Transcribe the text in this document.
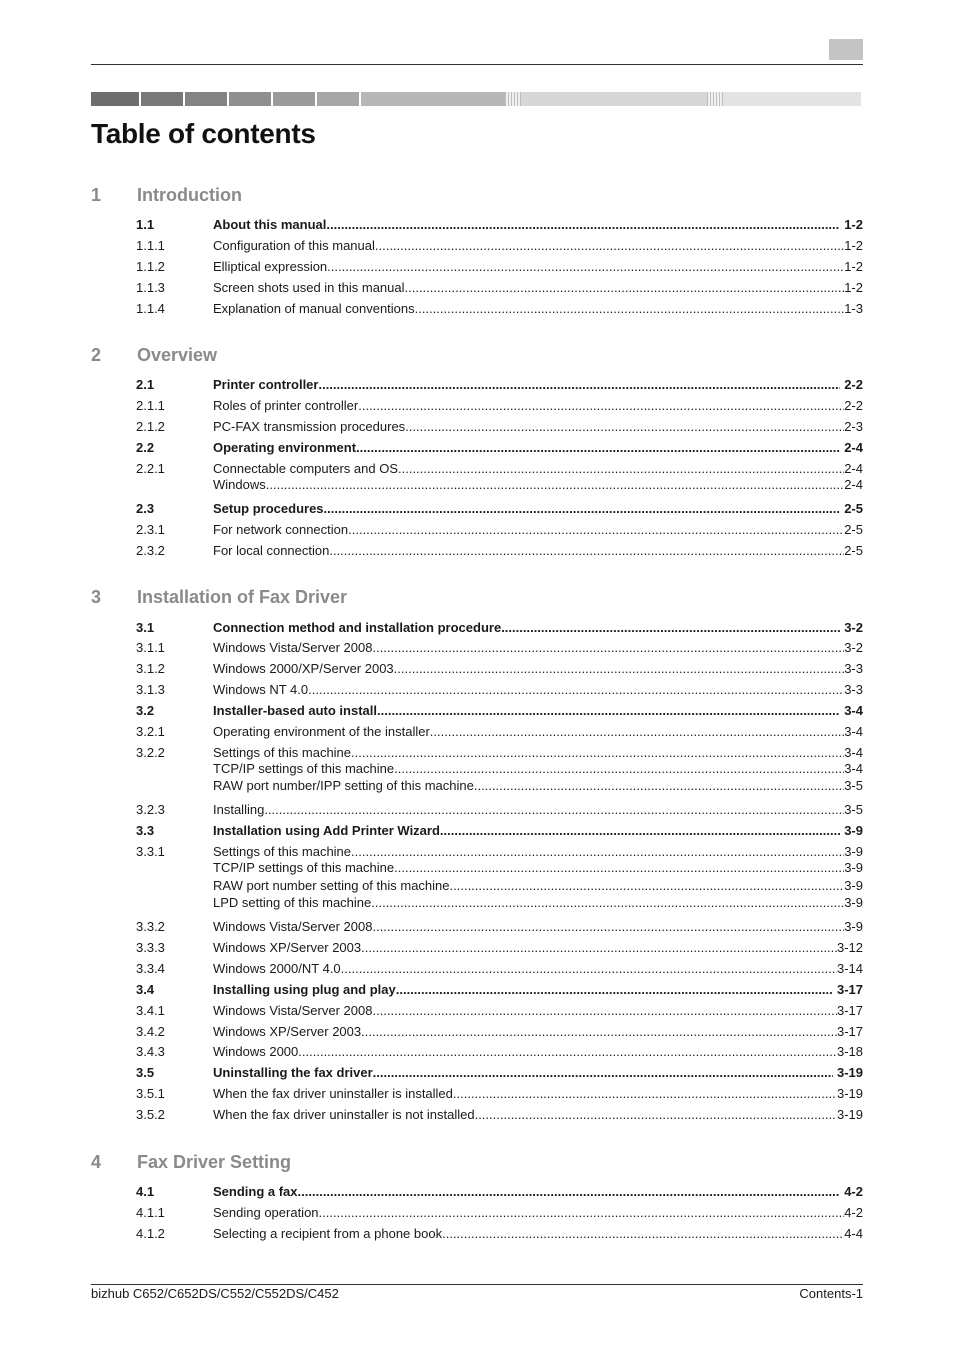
Table of contents
1 Introduction
1.1	About this manual .....	1-2
1.1.1	Configuration of this manual .....	1-2
1.1.2	Elliptical expression .....	1-2
1.1.3	Screen shots used in this manual .....	1-2
1.1.4	Explanation of manual conventions .....	1-3
2 Overview
2.1	Printer controller .....	2-2
2.1.1	Roles of printer controller .....	2-2
2.1.2	PC-FAX transmission procedures .....	2-3
2.2	Operating environment .....	2-4
2.2.1	Connectable computers and OS .....	2-4
Windows .....	2-4
2.3	Setup procedures .....	2-5
2.3.1	For network connection .....	2-5
2.3.2	For local connection .....	2-5
3 Installation of Fax Driver
3.1	Connection method and installation procedure .....	3-2
3.1.1	Windows Vista/Server 2008 .....	3-2
3.1.2	Windows 2000/XP/Server 2003 .....	3-3
3.1.3	Windows NT 4.0 .....	3-3
3.2	Installer-based auto install .....	3-4
3.2.1	Operating environment of the installer .....	3-4
3.2.2	Settings of this machine .....	3-4
TCP/IP settings of this machine .....	3-4
RAW port number/IPP setting of this machine .....	3-5
3.2.3	Installing .....	3-5
3.3	Installation using Add Printer Wizard .....	3-9
3.3.1	Settings of this machine .....	3-9
TCP/IP settings of this machine .....	3-9
RAW port number setting of this machine .....	3-9
LPD setting of this machine .....	3-9
3.3.2	Windows Vista/Server 2008 .....	3-9
3.3.3	Windows XP/Server 2003 .....	3-12
3.3.4	Windows 2000/NT 4.0 .....	3-14
3.4	Installing using plug and play .....	3-17
3.4.1	Windows Vista/Server 2008 .....	3-17
3.4.2	Windows XP/Server 2003 .....	3-17
3.4.3	Windows 2000 .....	3-18
3.5	Uninstalling the fax driver .....	3-19
3.5.1	When the fax driver uninstaller is installed .....	3-19
3.5.2	When the fax driver uninstaller is not installed .....	3-19
4 Fax Driver Setting
4.1	Sending a fax .....	4-2
4.1.1	Sending operation .....	4-2
4.1.2	Selecting a recipient from a phone book .....	4-4
bizhub C652/C652DS/C552/C552DS/C452	Contents-1
